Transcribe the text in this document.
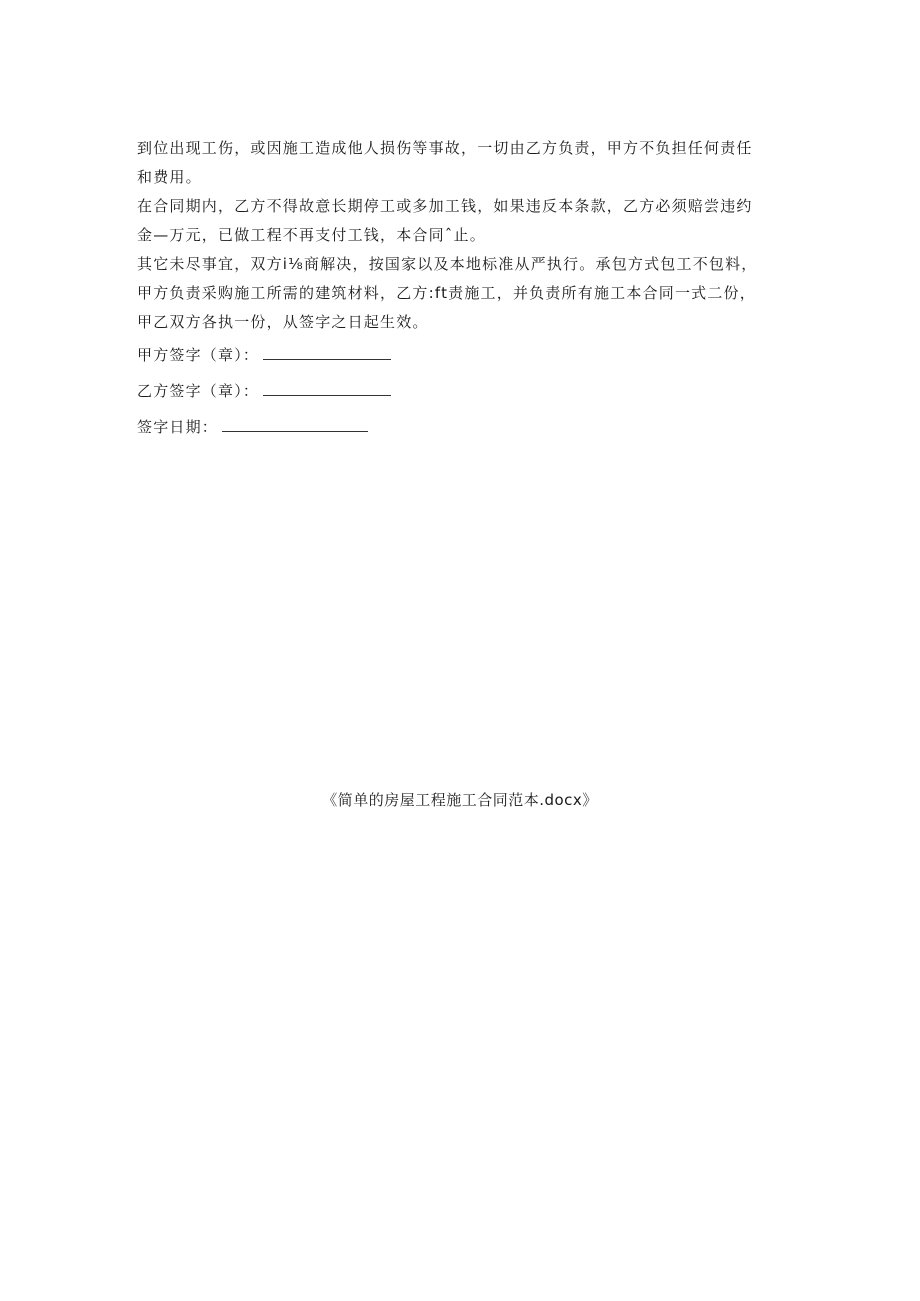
到位出现工伤，或因施工造成他人损伤等事故，一切由乙方负责，甲方不负担任何责任
和费用。
在合同期内，乙方不得故意长期停工或多加工钱，如果违反本条款，乙方必须赔尝违约
金—万元，已做工程不再支付工钱，本合同ˆ止。
其它未尽事宜，双方i⅛商解决，按国家以及本地标准从严执行。承包方式包工不包料，
甲方负责采购施工所需的建筑材料，乙方:ft责施工，并负责所有施工本合同一式二份，
甲乙双方各执一份，从签字之日起生效。
甲方签字（章）：
乙方签字（章）：
签字日期：
《简单的房屋工程施工合同范本.docx》
